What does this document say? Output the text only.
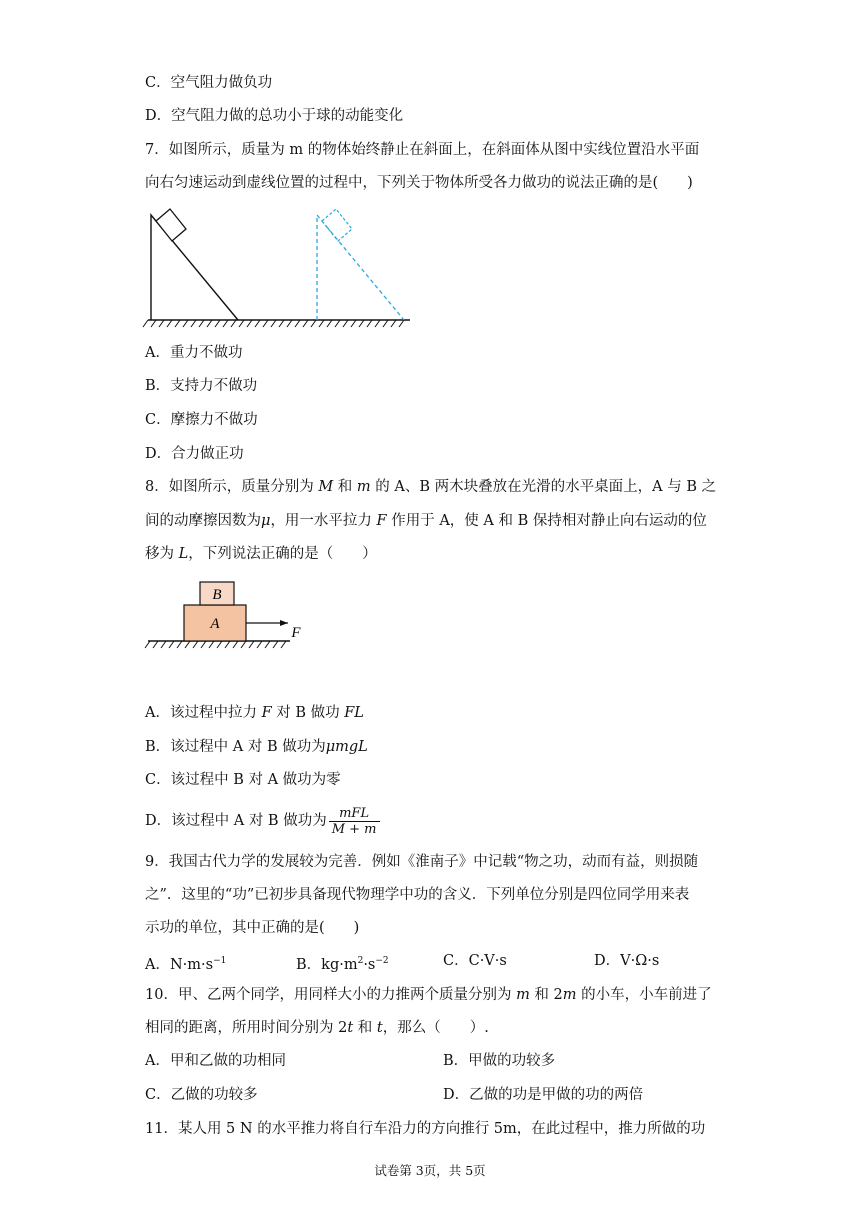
C．空气阻力做负功
D．空气阻力做的总功小于球的动能变化
7．如图所示，质量为 m 的物体始终静止在斜面上，在斜面体从图中实线位置沿水平面
向右匀速运动到虚线位置的过程中，下列关于物体所受各力做功的说法正确的是(　　)
A．重力不做功
B．支持力不做功
C．摩擦力不做功
D．合力做正功
8．如图所示，质量分别为 M 和 m 的 A、B 两木块叠放在光滑的水平桌面上，A 与 B 之
间的动摩擦因数为μ，用一水平拉力 F 作用于 A，使 A 和 B 保持相对静止向右运动的位
移为 L，下列说法正确的是（　　）
B
A
F
A．该过程中拉力 F 对 B 做功 FL
B．该过程中 A 对 B 做功为μmgL
C．该过程中 B 对 A 做功为零
D．该过程中 A 对 B 做功为 $\frac{\text{mFL}}{M + m}$
9．我国古代力学的发展较为完善．例如《淮南子》中记载“物之功，动而有益，则损随
之”．这里的“功”已初步具备现代物理学中功的含义．下列单位分别是四位同学用来表
示功的单位，其中正确的是(　　)
A．$N\cdot m\cdot s^{-1}$	B．$kg\cdot m^2\cdot s^{-2}$	C．C·V·s	D．V·Ω·s
10．甲、乙两个同学，用同样大小的力推两个质量分别为 m 和 2m 的小车，小车前进了
相同的距离，所用时间分别为 2t 和 t，那么（　　）.
A．甲和乙做的功相同	B．甲做的功较多
C．乙做的功较多	D．乙做的功是甲做的功的两倍
11．某人用 5 N 的水平推力将自行车沿力的方向推行 5m，在此过程中，推力所做的功
试卷第 3页，共 5页
